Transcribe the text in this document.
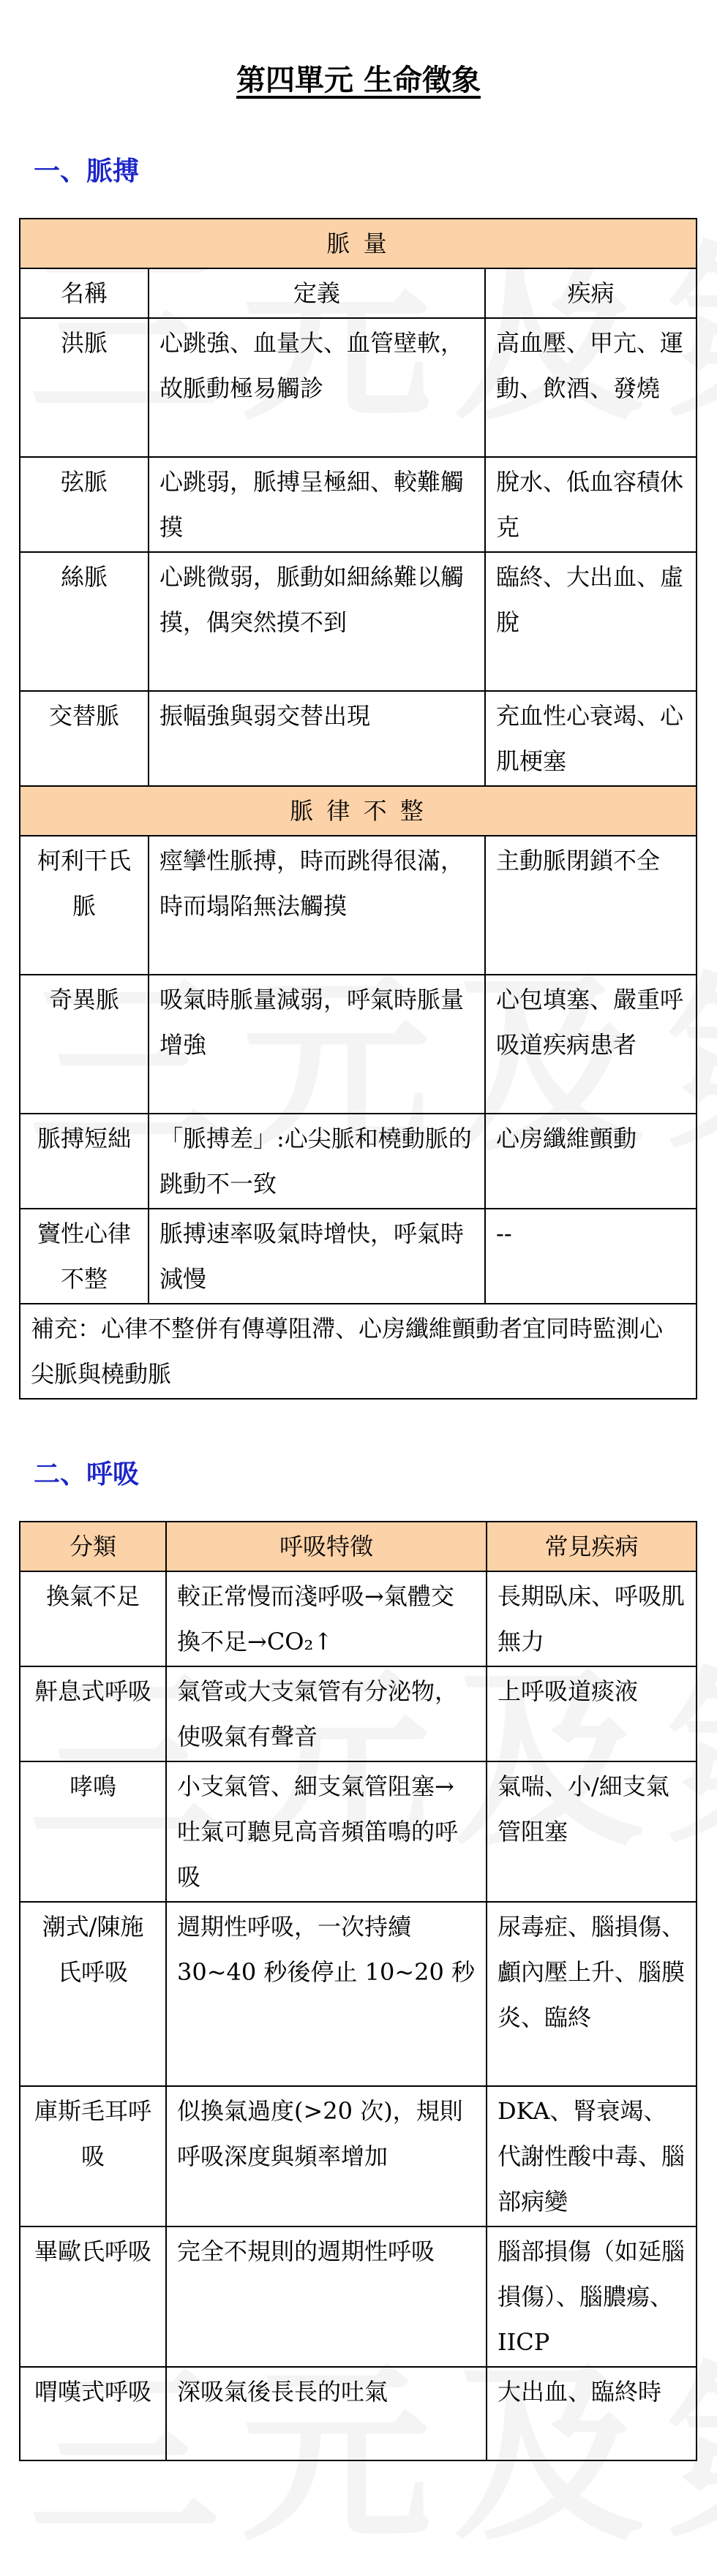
第四單元 生命徵象
一、脈搏
脈 量		
名稱	定義	疾病
洪脈	心跳強、血量大、血管壁軟，故脈動極易觸診	高血壓、甲亢、運動、飲酒、發燒
弦脈	心跳弱，脈搏呈極細、較難觸摸	脫水、低血容積休克
絲脈	心跳微弱，脈動如細絲難以觸摸，偶突然摸不到	臨終、大出血、虛脫
交替脈	振幅強與弱交替出現	充血性心衰竭、心肌梗塞
脈 律 不 整		
柯利干氏脈	痙攣性脈搏，時而跳得很滿，時而塌陷無法觸摸	主動脈閉鎖不全
奇異脈	吸氣時脈量減弱，呼氣時脈量增強	心包填塞、嚴重呼吸道疾病患者
脈搏短絀	「脈搏差」:心尖脈和橈動脈的跳動不一致	心房纖維顫動
竇性心律不整	脈搏速率吸氣時增快，呼氣時減慢	--
補充：心律不整併有傳導阻滯、心房纖維顫動者宜同時監測心尖脈與橈動脈		
二、呼吸
分類	呼吸特徵	常見疾病
換氣不足	較正常慢而淺呼吸→氣體交換不足→CO₂↑	長期臥床、呼吸肌無力
鼾息式呼吸	氣管或大支氣管有分泌物，使吸氣有聲音	上呼吸道痰液
哮鳴	小支氣管、細支氣管阻塞→吐氣可聽見高音頻笛鳴的呼吸	氣喘、小/細支氣管阻塞
潮式/陳施氏呼吸	週期性呼吸，一次持續30~40 秒後停止 10~20 秒	尿毒症、腦損傷、顱內壓上升、腦膜炎、臨終
庫斯毛耳呼吸	似換氣過度(>20 次)，規則呼吸深度與頻率增加	DKA、腎衰竭、代謝性酸中毒、腦部病變
畢歐氏呼吸	完全不規則的週期性呼吸	腦部損傷（如延腦損傷）、腦膿瘍、IICP
喟嘆式呼吸	深吸氣後長長的吐氣	大出血、臨終時
